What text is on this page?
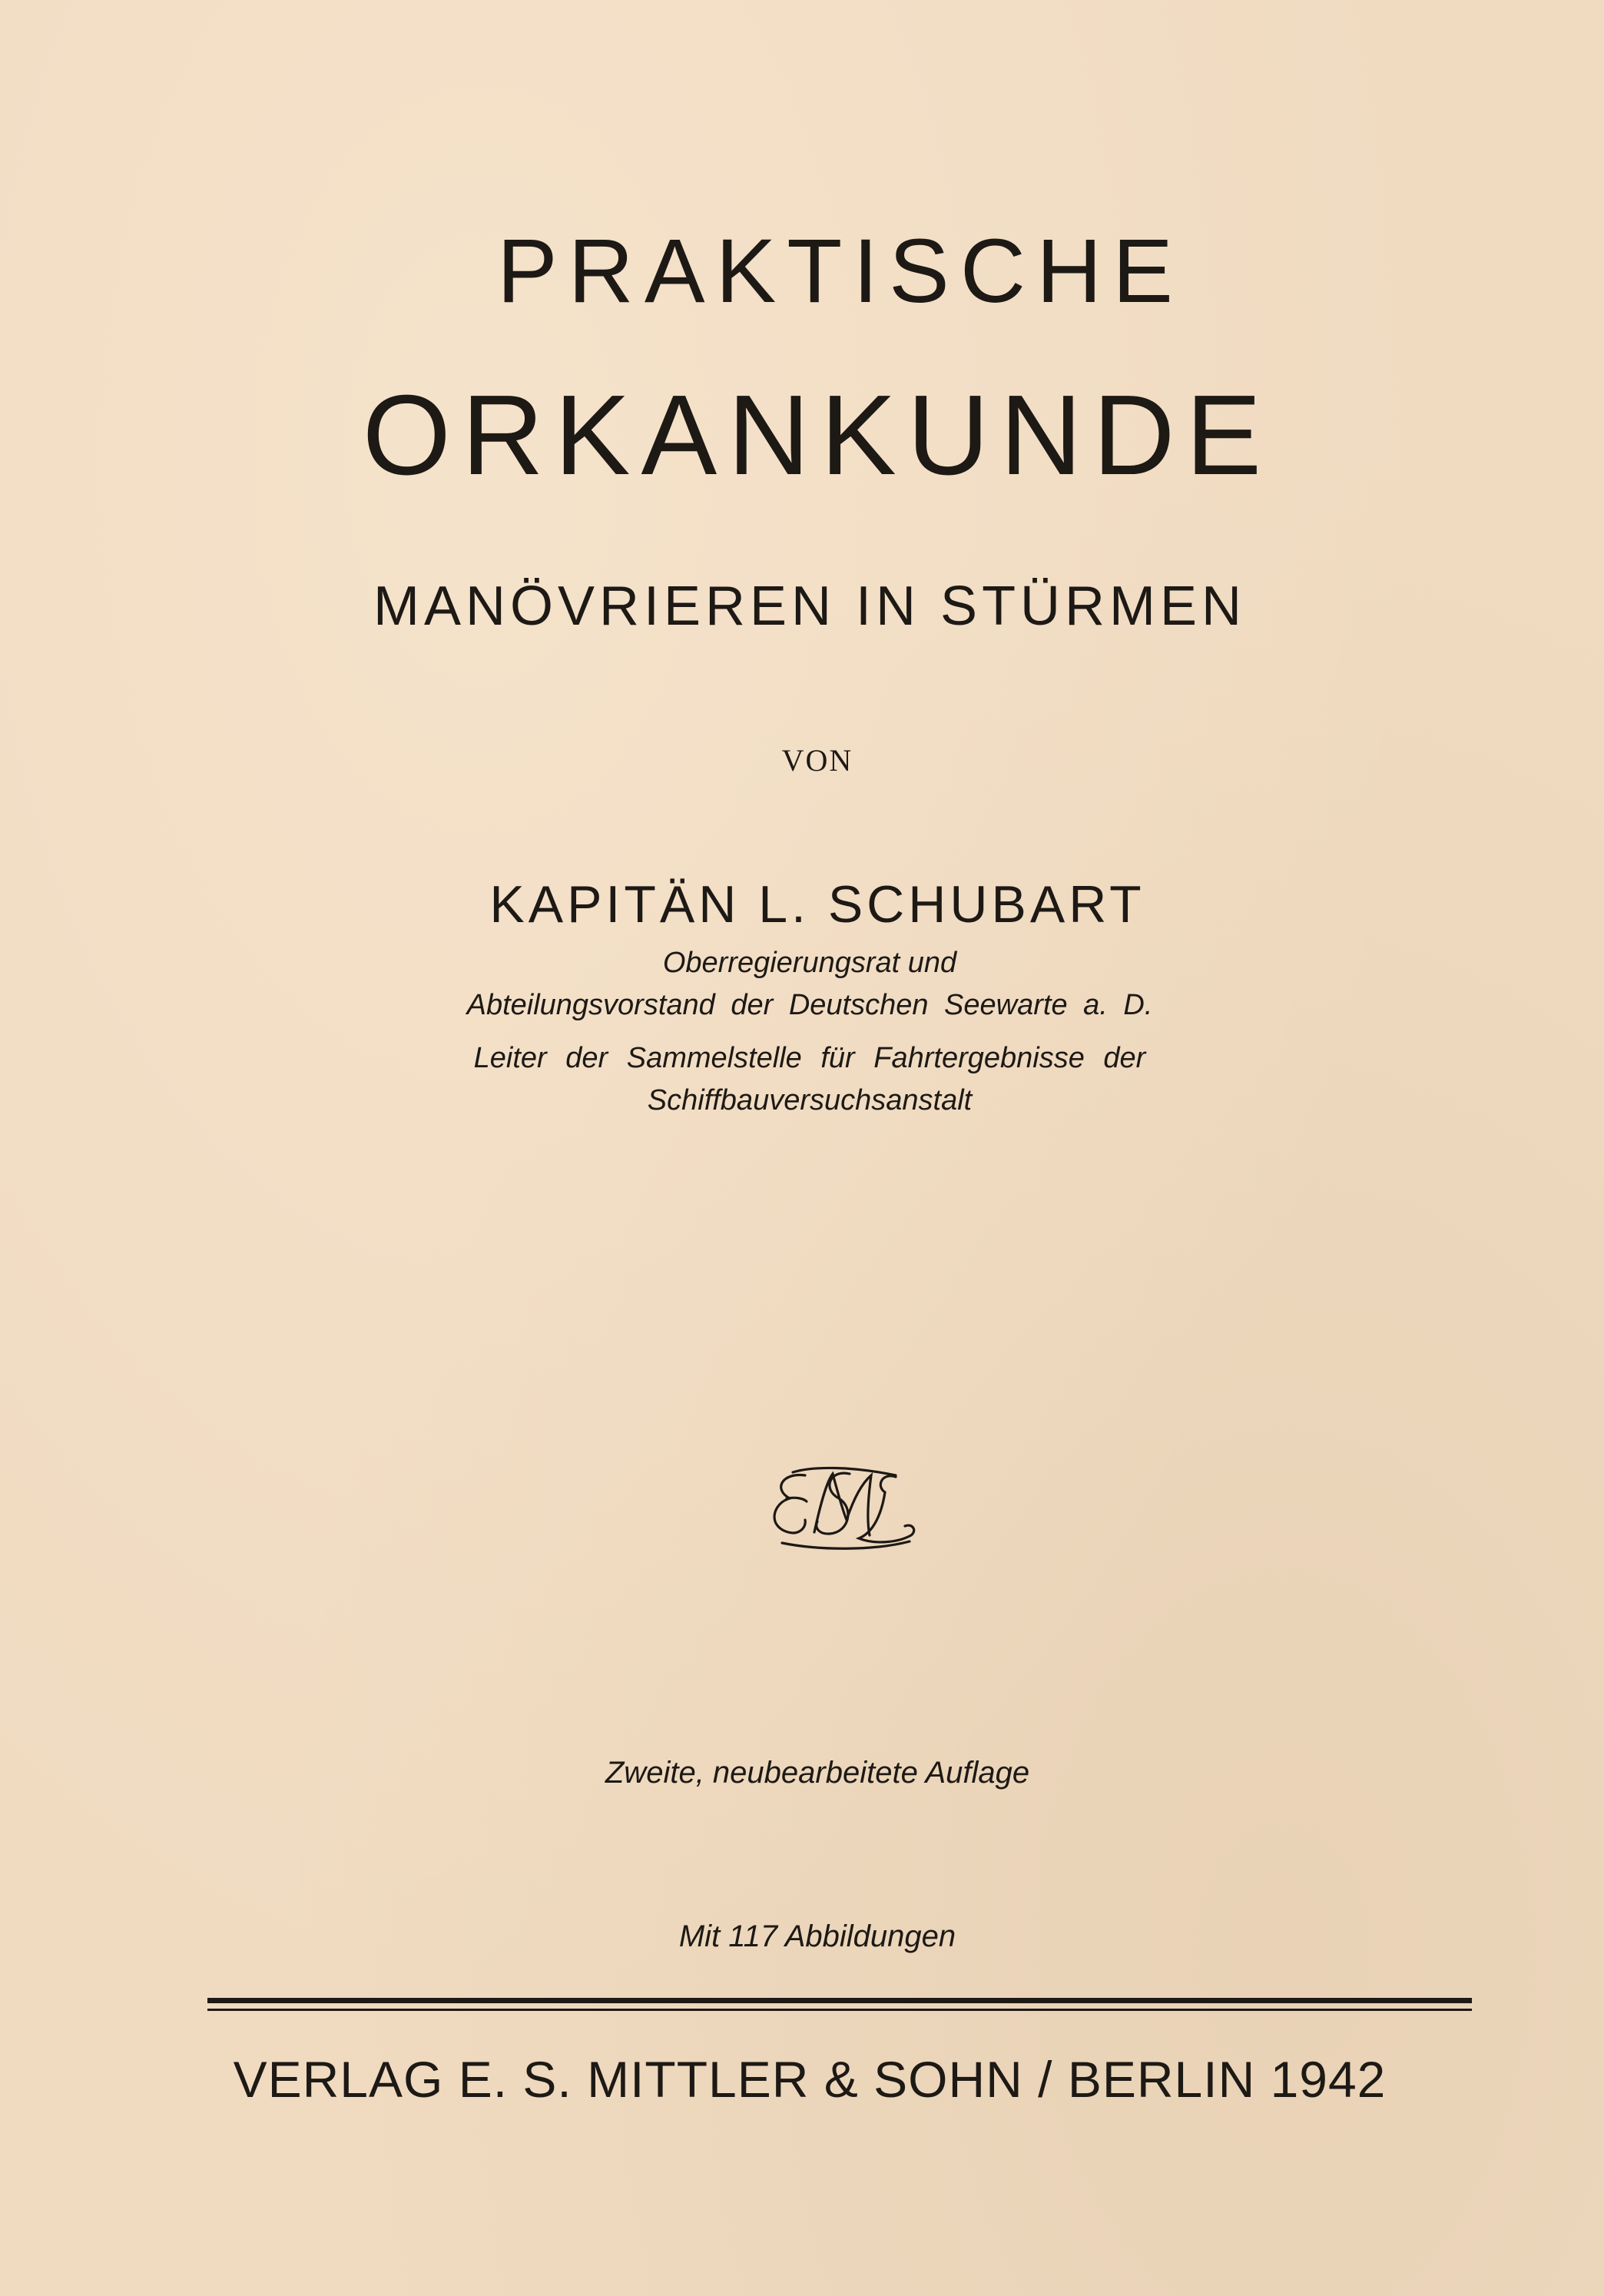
PRAKTISCHE
ORKANKUNDE
MANÖVRIEREN IN STÜRMEN
VON
KAPITÄN L. SCHUBART
Oberregierungsrat und
Abteilungsvorstand der Deutschen Seewarte a. D.
Leiter der Sammelstelle für Fahrtergebnisse der
Schiffbauversuchsanstalt
Zweite, neubearbeitete Auflage
Mit 117 Abbildungen
VERLAG E. S. MITTLER & SOHN / BERLIN 1942
